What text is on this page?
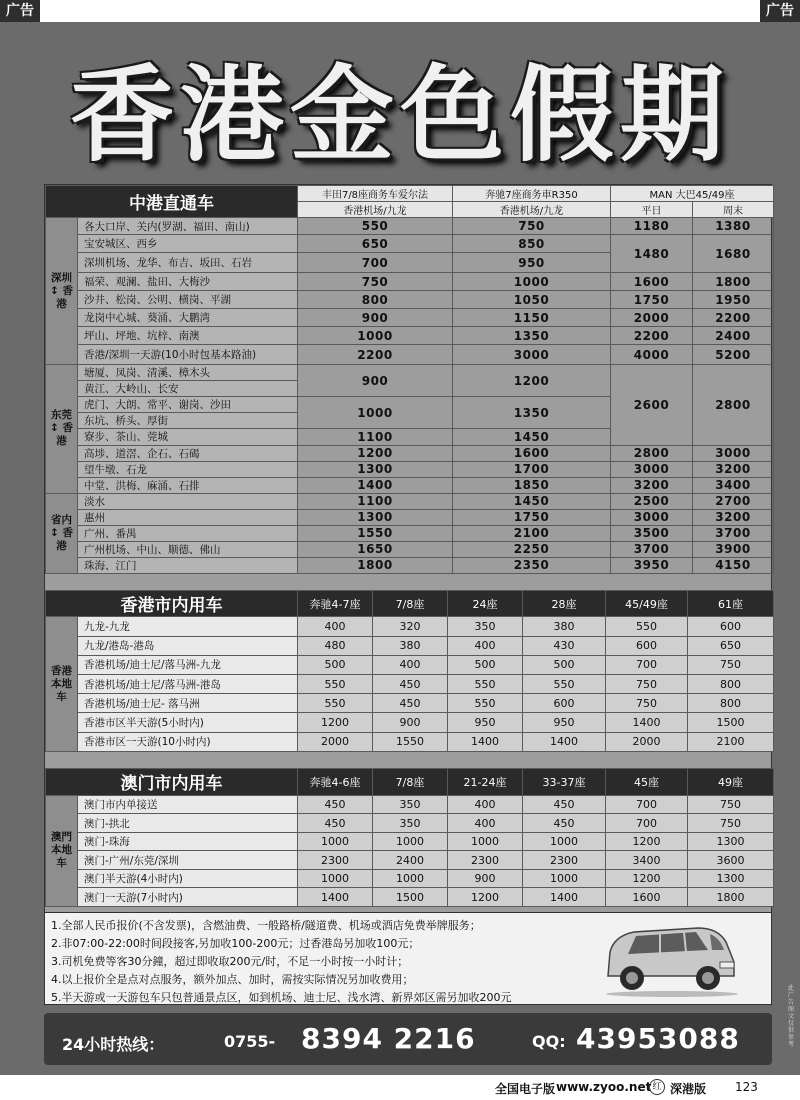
广告	广告
香港金色假期
中港直通车		丰田7/8座商务车爱尔法	奔驰7座商务車R350	MAN 大巴45/49座	
		香港机场/九龙	香港机场/九龙	平日	周末
深圳 ↕ 香港	各大口岸、关内(罗湖、福田、南山)	550	750	1180	1380
	宝安城区、西乡	650	850	1480	1680
	深圳机场、龙华、布吉、坂田、石岩	700	950		
	福荣、观澜、盐田、大梅沙	750	1000	1600	1800
	沙井、松岗、公明、横岗、平湖	800	1050	1750	1950
	龙岗中心城、葵涌、大鹏湾	900	1150	2000	2200
	坪山、坪地、坑梓、南澳	1000	1350	2200	2400
	香港/深圳一天游(10小时包基本路油)	2200	3000	4000	5200
东莞 ↕ 香港	塘厦、凤岗、清溪、樟木头	900	1200	2600	2800
	黄江、大岭山、长安				
	虎门、大朗、常平、谢岗、沙田	1000	1350		
	东坑、桥头、厚街				
	寮步、茶山、莞城	1100	1450		
	高埗、道滘、企石、石碣	1200	1600	2800	3000
	望牛墩、石龙	1300	1700	3000	3200
	中堂、洪梅、麻涌、石排	1400	1850	3200	3400
省内 ↕ 香港	淡水	1100	1450	2500	2700
	惠州	1300	1750	3000	3200
	广州、番禺	1550	2100	3500	3700
	广州机场、中山、顺德、佛山	1650	2250	3700	3900
	珠海、江门	1800	2350	3950	4150
香港市内用车		奔驰4-7座	7/8座	24座	28座	45/49座	61座
香港 本地 车	九龙-九龙	400	320	350	380	550	600
	九龙/港岛-港岛	480	380	400	430	600	650
	香港机场/迪士尼/落马洲-九龙	500	400	500	500	700	750
	香港机场/迪士尼/落马洲-港岛	550	450	550	550	750	800
	香港机场/迪士尼- 落马洲	550	450	550	600	750	800
	香港市区半天游(5小时内)	1200	900	950	950	1400	1500
	香港市区一天游(10小时内)	2000	1550	1400	1400	2000	2100
澳门市内用车		奔驰4-6座	7/8座	21-24座	33-37座	45座	49座
澳門 本地 车	澳门市内单接送	450	350	400	450	700	750
	澳门-拱北	450	350	400	450	700	750
	澳门-珠海	1000	1000	1000	1000	1200	1300
	澳门-广州/东莞/深圳	2300	2400	2300	2300	3400	3600
	澳门半天游(4小时内)	1000	1000	900	1000	1200	1300
	澳门一天游(7小时内)	1400	1500	1200	1400	1600	1800
1.全部人民币报价(不含发票)，含燃油费、一般路桥/隧道费、机场或酒店免费举牌服务；
2.非07:00-22:00时间段接客,另加收100-200元；过香港岛另加收100元；
3.司机免费等客30分鐘，超过即收取200元/时，不足一小时按一小时计；
4.以上报价全是点对点服务，额外加点、加时，需按实际情况另加收费用；
5.半天游或一天游包车只包普通景点区，如到机场、迪士尼、浅水湾、新界郊区需另加收200元
24小时热线：	0755- 8394 2216	QQ: 43953088
此广告图文仅供参考
全国电子版 www.zyoo.net 红 深港版 123
